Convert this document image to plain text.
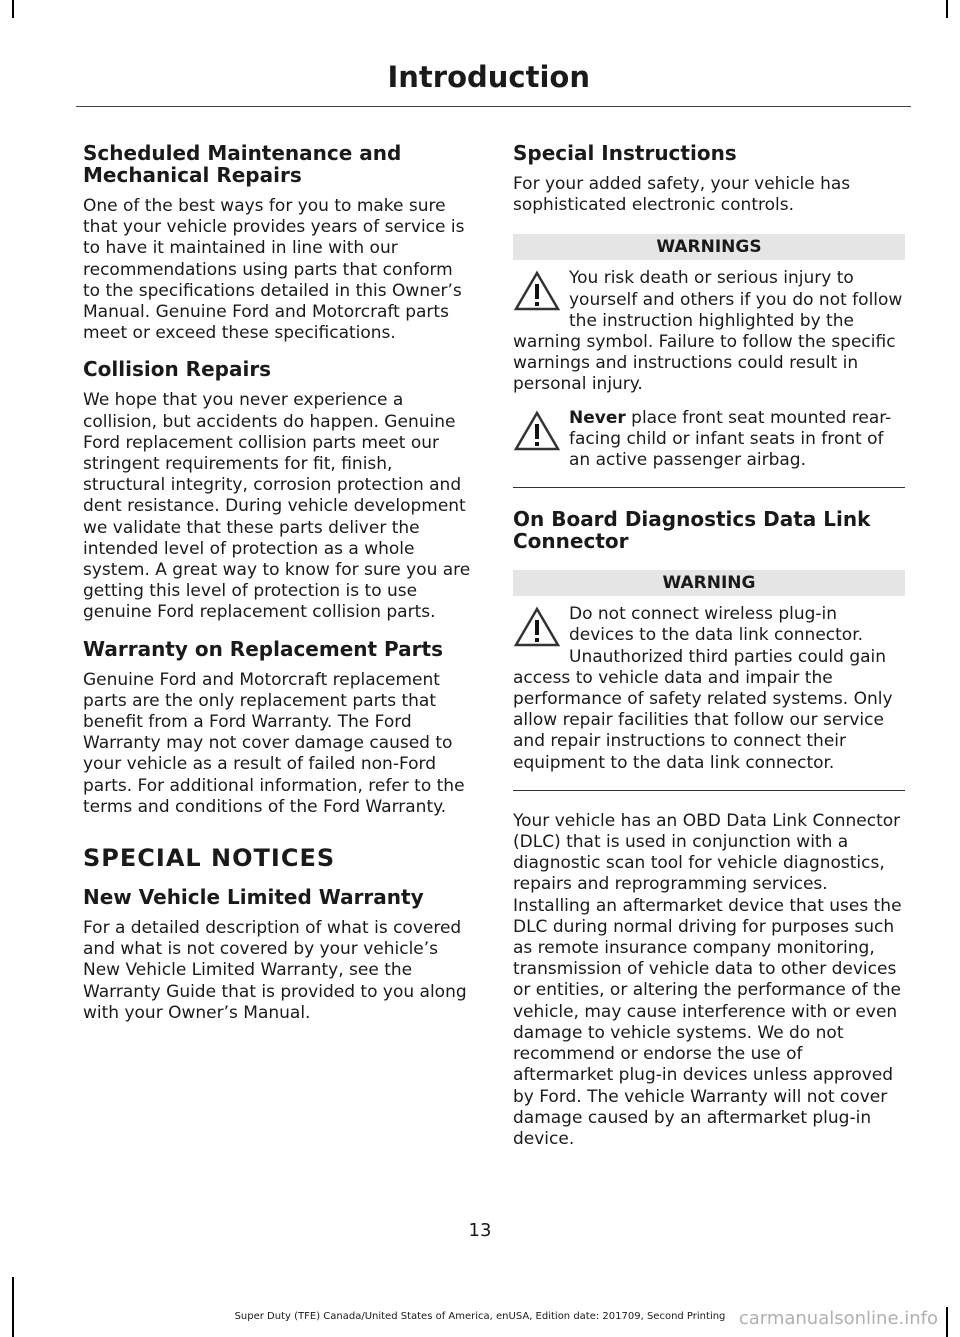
Introduction
Scheduled Maintenance and Mechanical Repairs

One of the best ways for you to make sure that your vehicle provides years of service is to have it maintained in line with our recommendations using parts that conform to the specifications detailed in this Owner’s Manual. Genuine Ford and Motorcraft parts meet or exceed these specifications.

Collision Repairs

We hope that you never experience a collision, but accidents do happen. Genuine Ford replacement collision parts meet our stringent requirements for fit, finish, structural integrity, corrosion protection and dent resistance. During vehicle development we validate that these parts deliver the intended level of protection as a whole system. A great way to know for sure you are getting this level of protection is to use genuine Ford replacement collision parts.

Warranty on Replacement Parts

Genuine Ford and Motorcraft replacement parts are the only replacement parts that benefit from a Ford Warranty. The Ford Warranty may not cover damage caused to your vehicle as a result of failed non-Ford parts. For additional information, refer to the terms and conditions of the Ford Warranty.

SPECIAL NOTICES
New Vehicle Limited Warranty

For a detailed description of what is covered and what is not covered by your vehicle’s New Vehicle Limited Warranty, see the Warranty Guide that is provided to you along with your Owner’s Manual.

Special Instructions

For your added safety, your vehicle has sophisticated electronic controls.

WARNINGS
You risk death or serious injury to yourself and others if you do not follow the instruction highlighted by the warning symbol. Failure to follow the specific warnings and instructions could result in personal injury.
Never place front seat mounted rear-facing child or infant seats in front of an active passenger airbag.
On Board Diagnostics Data Link Connector
WARNING
Do not connect wireless plug-in devices to the data link connector. Unauthorized third parties could gain access to vehicle data and impair the performance of safety related systems. Only allow repair facilities that follow our service and repair instructions to connect their equipment to the data link connector.

Your vehicle has an OBD Data Link Connector (DLC) that is used in conjunction with a diagnostic scan tool for vehicle diagnostics, repairs and reprogramming services. Installing an aftermarket device that uses the DLC during normal driving for purposes such as remote insurance company monitoring, transmission of vehicle data to other devices or entities, or altering the performance of the vehicle, may cause interference with or even damage to vehicle systems. We do not recommend or endorse the use of aftermarket plug-in devices unless approved by Ford. The vehicle Warranty will not cover damage caused by an aftermarket plug-in device.

13
Super Duty (TFE) Canada/United States of America, enUSA, Edition date: 201709, Second Printing carmanualsonline.info
